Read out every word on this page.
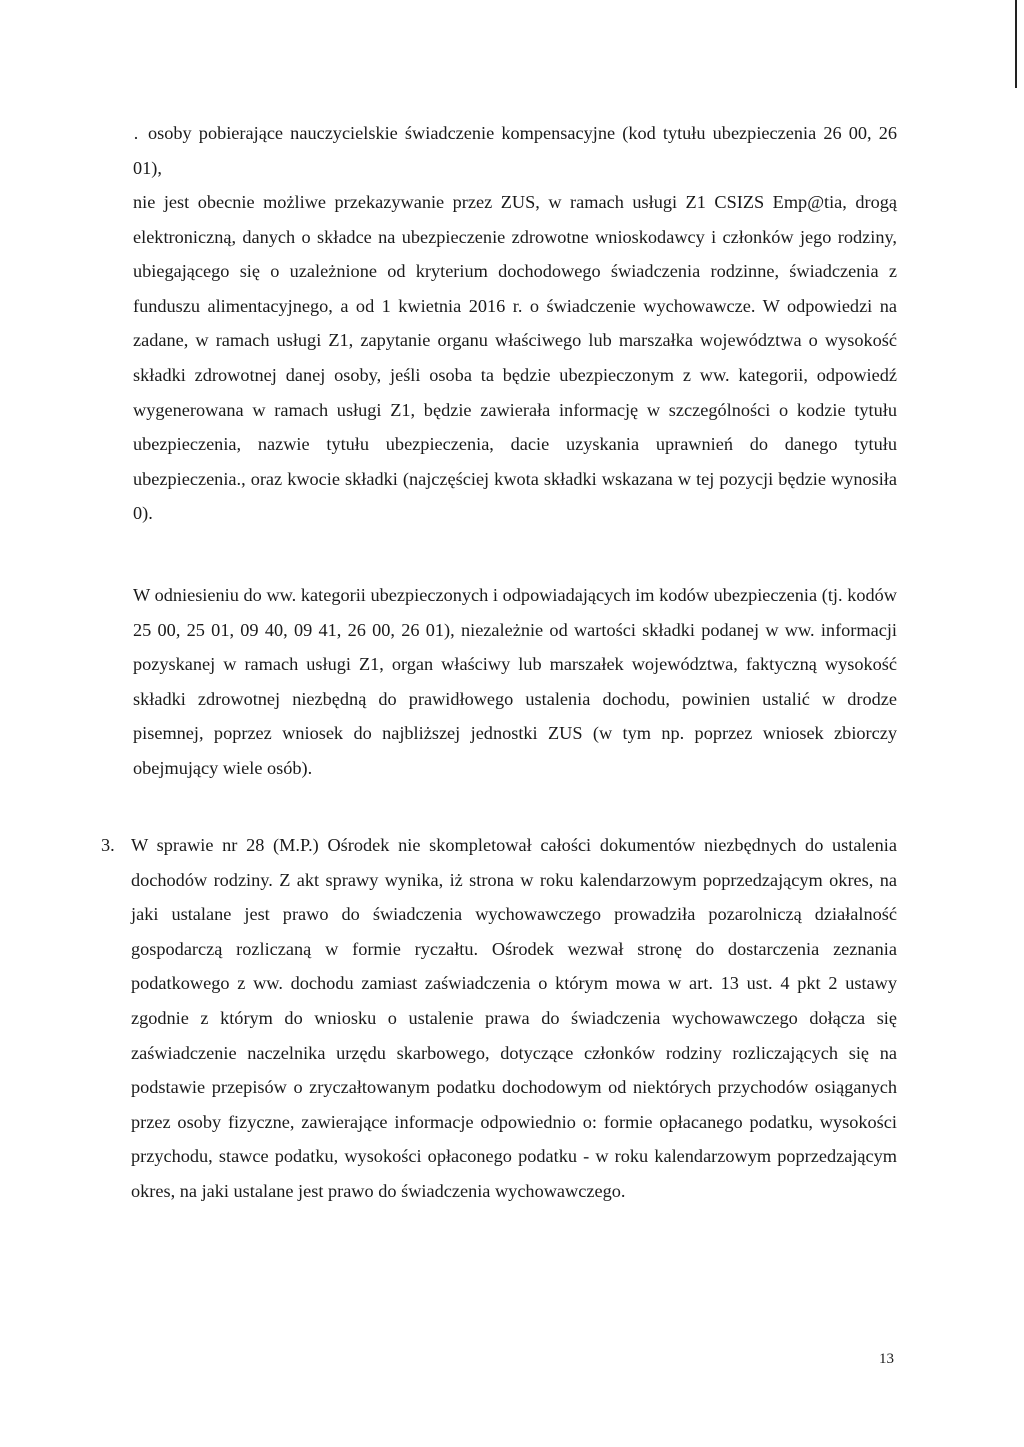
· osoby pobierające nauczycielskie świadczenie kompensacyjne (kod tytułu ubezpieczenia 26 00, 26 01),

nie jest obecnie możliwe przekazywanie przez ZUS, w ramach usługi Z1 CSIZS Emp@tia, drogą elektroniczną, danych o składce na ubezpieczenie zdrowotne wnioskodawcy i członków jego rodziny, ubiegającego się o uzależnione od kryterium dochodowego świadczenia rodzinne, świadczenia z funduszu alimentacyjnego, a od 1 kwietnia 2016 r. o świadczenie wychowawcze. W odpowiedzi na zadane, w ramach usługi Z1, zapytanie organu właściwego lub marszałka województwa o wysokość składki zdrowotnej danej osoby, jeśli osoba ta będzie ubezpieczonym z ww. kategorii, odpowiedź wygenerowana w ramach usługi Z1, będzie zawierała informację w szczególności o kodzie tytułu ubezpieczenia, nazwie tytułu ubezpieczenia, dacie uzyskania uprawnień do danego tytułu ubezpieczenia., oraz kwocie składki (najczęściej kwota składki wskazana w tej pozycji będzie wynosiła 0).

W odniesieniu do ww. kategorii ubezpieczonych i odpowiadających im kodów ubezpieczenia (tj. kodów 25 00, 25 01, 09 40, 09 41, 26 00, 26 01), niezależnie od wartości składki podanej w ww. informacji pozyskanej w ramach usługi Z1, organ właściwy lub marszałek województwa, faktyczną wysokość składki zdrowotnej niezbędną do prawidłowego ustalenia dochodu, powinien ustalić w drodze pisemnej, poprzez wniosek do najbliższej jednostki ZUS (w tym np. poprzez wniosek zbiorczy obejmujący wiele osób).

3. W sprawie nr 28 (M.P.) Ośrodek nie skompletował całości dokumentów niezbędnych do ustalenia dochodów rodziny. Z akt sprawy wynika, iż strona w roku kalendarzowym poprzedzającym okres, na jaki ustalane jest prawo do świadczenia wychowawczego prowadziła pozarolniczą działalność gospodarczą rozliczaną w formie ryczałtu. Ośrodek wezwał stronę do dostarczenia zeznania podatkowego z ww. dochodu zamiast zaświadczenia o którym mowa w art. 13 ust. 4 pkt 2 ustawy zgodnie z którym do wniosku o ustalenie prawa do świadczenia wychowawczego dołącza się zaświadczenie naczelnika urzędu skarbowego, dotyczące członków rodziny rozliczających się na podstawie przepisów o zryczałtowanym podatku dochodowym od niektórych przychodów osiąganych przez osoby fizyczne, zawierające informacje odpowiednio o: formie opłacanego podatku, wysokości przychodu, stawce podatku, wysokości opłaconego podatku - w roku kalendarzowym poprzedzającym okres, na jaki ustalane jest prawo do świadczenia wychowawczego.

13
